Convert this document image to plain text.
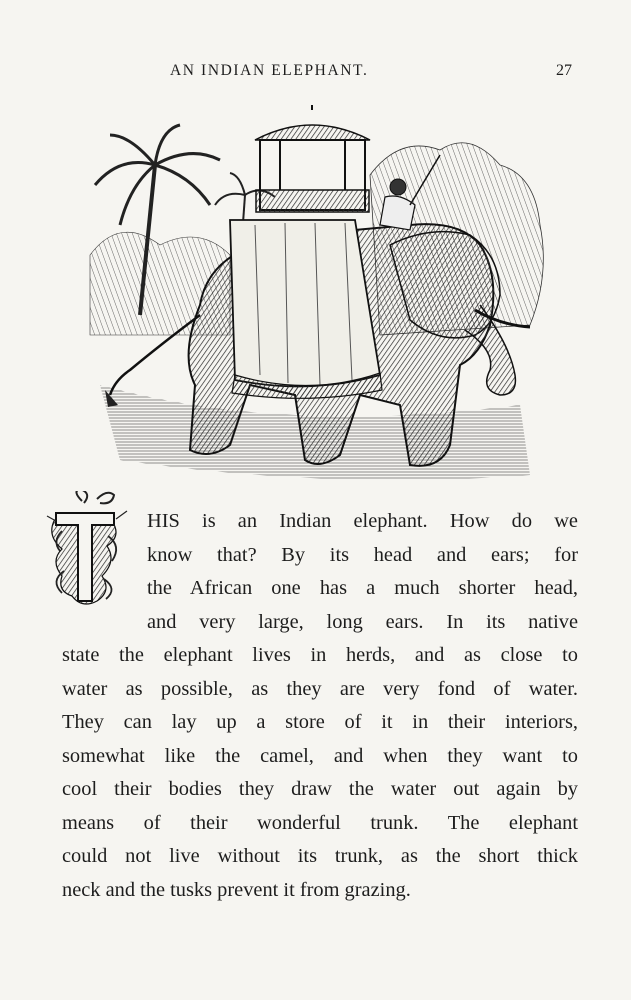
AN INDIAN ELEPHANT.	27
HIS is an Indian elephant. How do we
know that? By its head and ears; for
the African one has a much shorter head,
and very large, long ears. In its native
state the elephant lives in herds, and as close to
water as possible, as they are very fond of water.
They can lay up a store of it in their interiors,
somewhat like the camel, and when they want to
cool their bodies they draw the water out again by
means of their wonderful trunk. The elephant
could not live without its trunk, as the short thick
neck and the tusks prevent it from grazing.
